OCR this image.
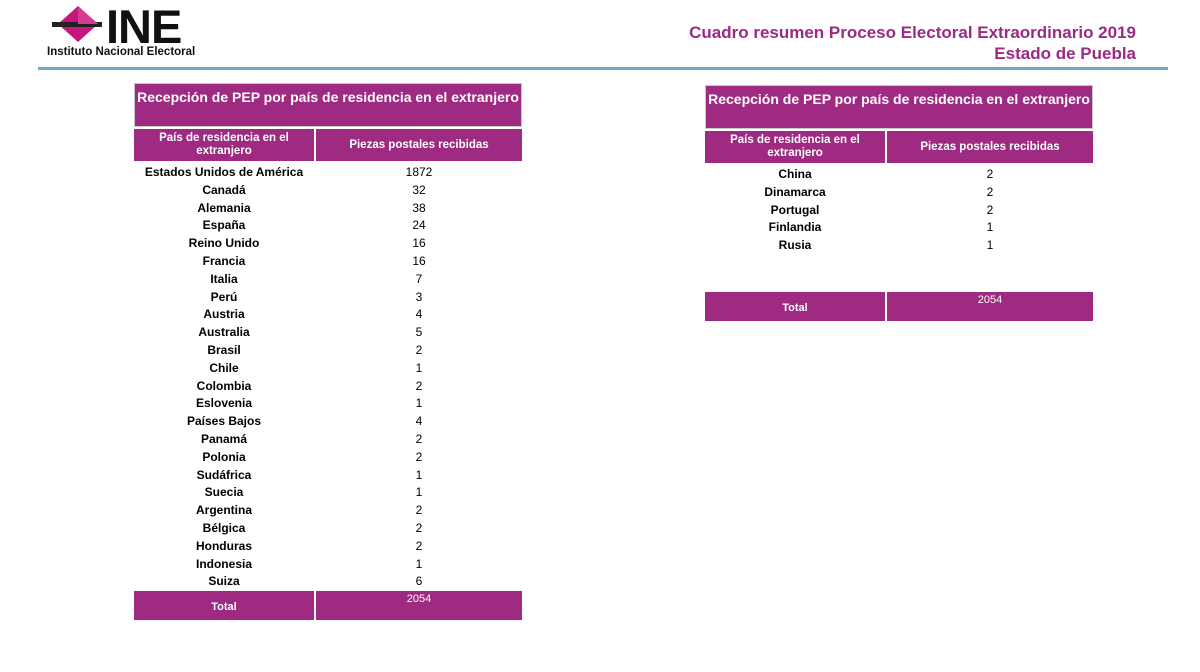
INE
Instituto Nacional Electoral
Cuadro resumen Proceso Electoral Extraordinario 2019
Estado de Puebla
Recepción de PEP por país de residencia en el extranjero
País de residencia en el extranjero
Piezas postales recibidas
Estados Unidos de América	1872
Canadá	32
Alemania	38
España	24
Reino Unido	16
Francia	16
Italia	7
Perú	3
Austria	4
Australia	5
Brasil	2
Chile	1
Colombia	2
Eslovenia	1
Países Bajos	4
Panamá	2
Polonia	2
Sudáfrica	1
Suecia	1
Argentina	2
Bélgica	2
Honduras	2
Indonesia	1
Suiza	6
Total
2054
Recepción de PEP por país de residencia en el extranjero
País de residencia en el extranjero
Piezas postales recibidas
China	2
Dinamarca	2
Portugal	2
Finlandia	1
Rusia	1
Total
2054
